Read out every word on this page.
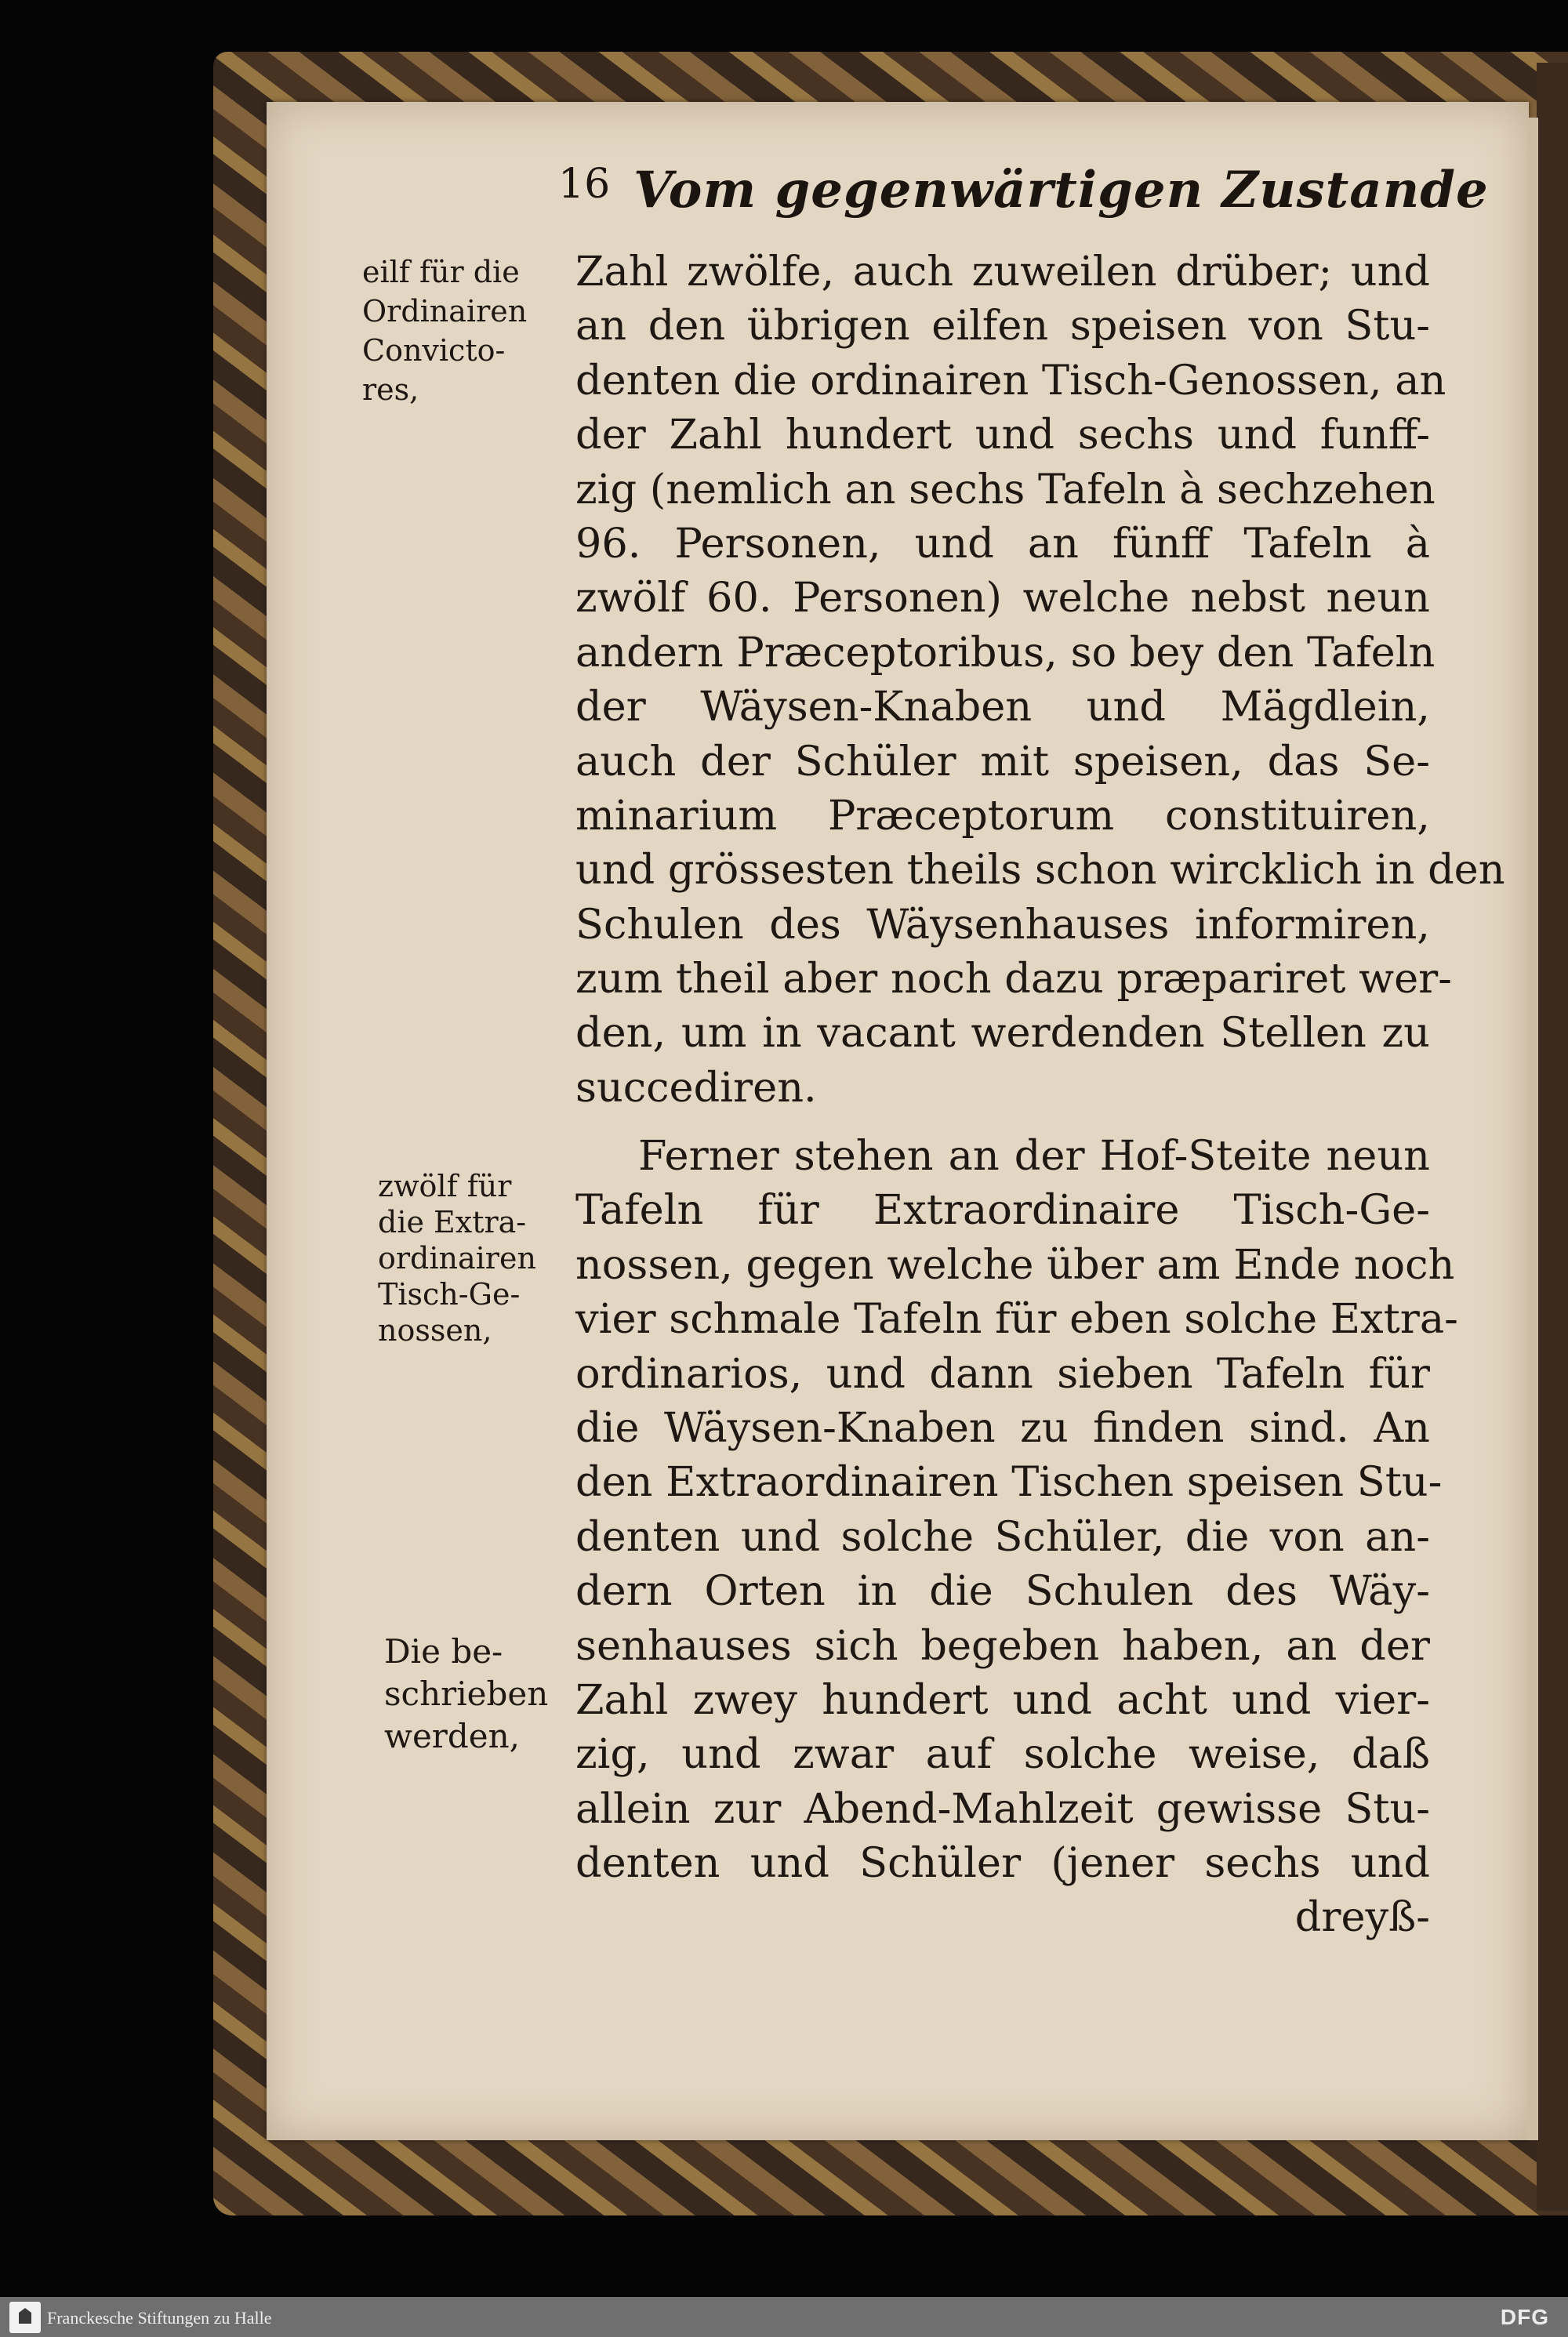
16 Vom gegenwärtigen Zustande
eilf für die
Ordinairen
Convicto-
res,
zwölf für
die Extra-
ordinairen
Tisch-Ge-
nossen,
Die be-
schrieben
werden,
Zahl zwölfe, auch zuweilen drüber; und
an den übrigen eilfen speisen von Stu-
denten die ordinairen Tisch-Genossen, an
der Zahl hundert und sechs und funff-
zig (nemlich an sechs Tafeln à sechzehen
96. Personen, und an fünff Tafeln à
zwölf 60. Personen) welche nebst neun
andern Præceptoribus, so bey den Tafeln
der Wäysen-Knaben und Mägdlein,
auch der Schüler mit speisen, das Se-
minarium Præceptorum constituiren,
und grössesten theils schon wircklich in den
Schulen des Wäysenhauses informiren,
zum theil aber noch dazu præpariret wer-
den, um in vacant werdenden Stellen zu
succediren.
Ferner stehen an der Hof-Steite neun
Tafeln für Extraordinaire Tisch-Ge-
nossen, gegen welche über am Ende noch
vier schmale Tafeln für eben solche Extra-
ordinarios, und dann sieben Tafeln für
die Wäysen-Knaben zu finden sind. An
den Extraordinairen Tischen speisen Stu-
denten und solche Schüler, die von an-
dern Orten in die Schulen des Wäy-
senhauses sich begeben haben, an der
Zahl zwey hundert und acht und vier-
zig, und zwar auf solche weise, daß
allein zur Abend-Mahlzeit gewisse Stu-
denten und Schüler (jener sechs und
dreyß-
Franckesche Stiftungen zu Halle	DFG
